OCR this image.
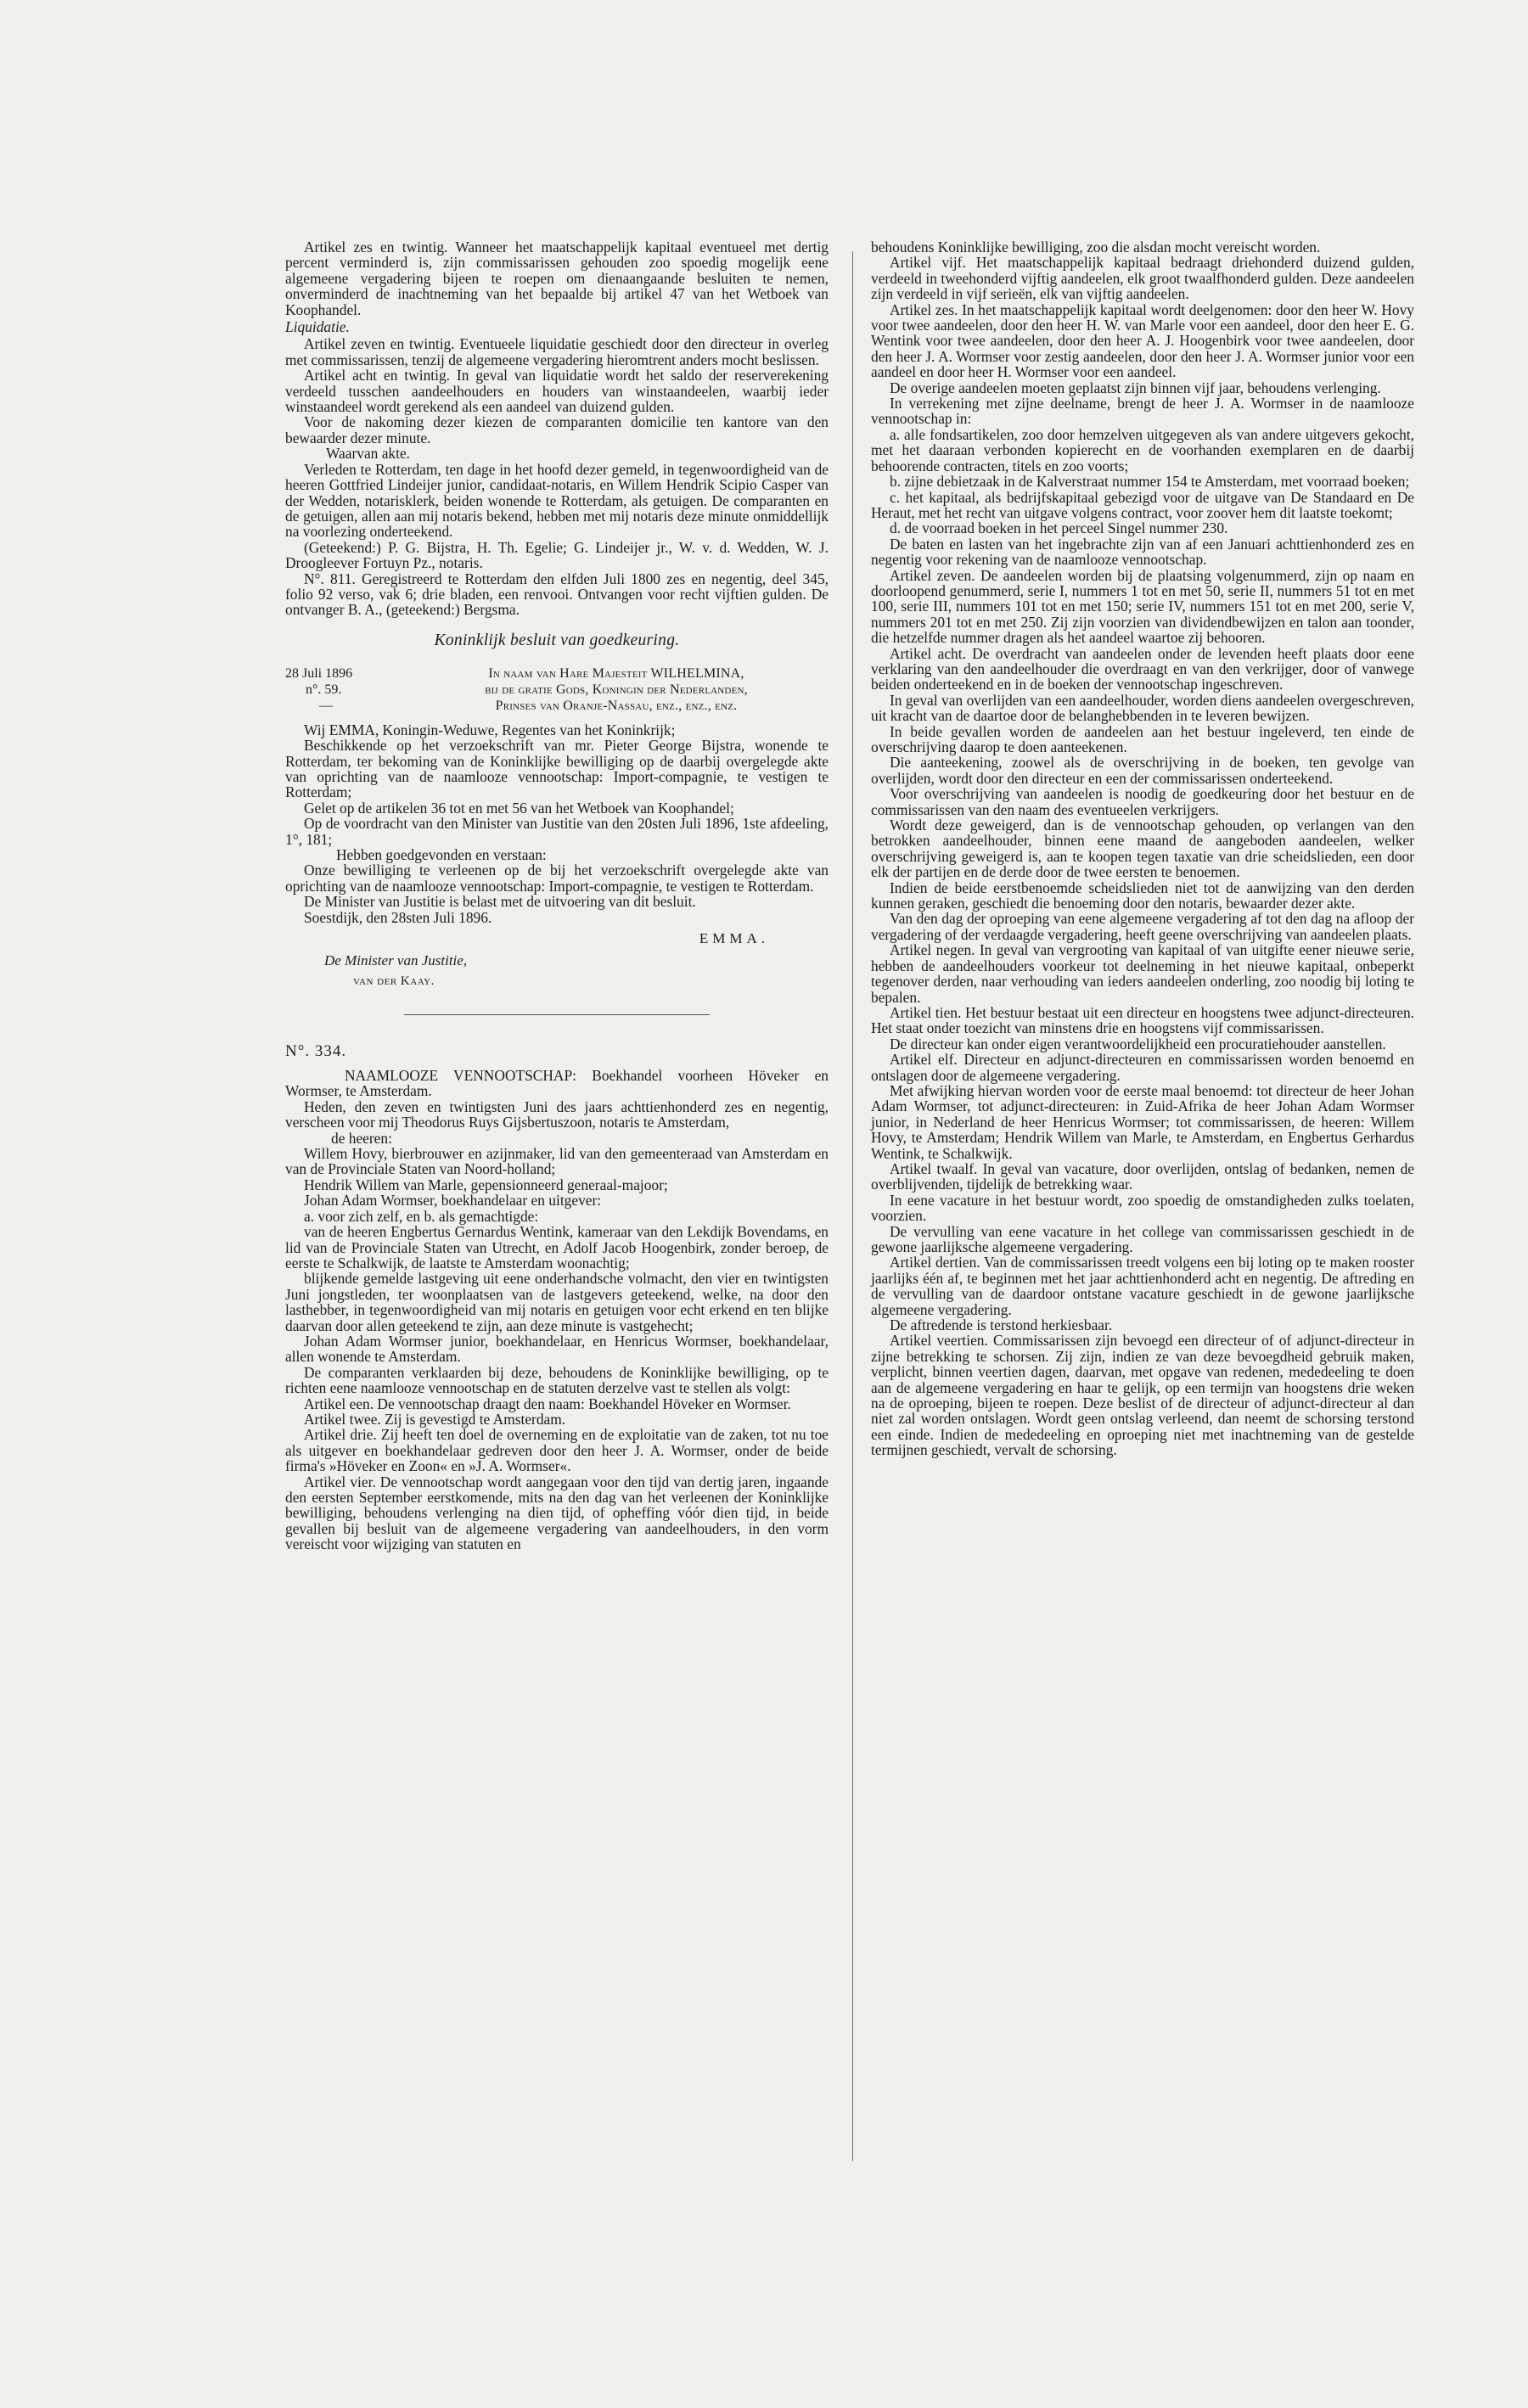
Artikel zes en twintig. Wanneer het maatschappelijk kapitaal eventueel met dertig percent verminderd is, zijn commissarissen gehouden zoo spoedig mogelijk eene algemeene vergadering bijeen te roepen om dienaangaande besluiten te nemen, onverminderd de inachtneming van het bepaalde bij artikel 47 van het Wetboek van Koophandel.

Liquidatie.

Artikel zeven en twintig. Eventueele liquidatie geschiedt door den directeur in overleg met commissarissen, tenzij de algemeene vergadering hieromtrent anders mocht beslissen.

Artikel acht en twintig. In geval van liquidatie wordt het saldo der reserverekening verdeeld tusschen aandeelhouders en houders van winstaandeelen, waarbij ieder winstaandeel wordt gerekend als een aandeel van duizend gulden.

Voor de nakoming dezer kiezen de comparanten domicilie ten kantore van den bewaarder dezer minute.

Waarvan akte.

Verleden te Rotterdam, ten dage in het hoofd dezer gemeld, in tegenwoordigheid van de heeren Gottfried Lindeijer junior, candidaat-notaris, en Willem Hendrik Scipio Casper van der Wedden, notarisklerk, beiden wonende te Rotterdam, als getuigen. De comparanten en de getuigen, allen aan mij notaris bekend, hebben met mij notaris deze minute onmiddellijk na voorlezing onderteekend.

(Geteekend:) P. G. Bijstra, H. Th. Egelie; G. Lindeijer jr., W. v. d. Wedden, W. J. Droogleever Fortuyn Pz., notaris.

N°. 811. Geregistreerd te Rotterdam den elfden Juli 1800 zes en negentig, deel 345, folio 92 verso, vak 6; drie bladen, een renvooi. Ontvangen voor recht vijftien gulden. De ontvanger B. A., (geteekend:) Bergsma.

Koninklijk besluit van goedkeuring.
28 Juli 1896
n°. 59.
—
In naam van Hare Majesteit WILHELMINA,
bij de gratie Gods, Koningin der Nederlanden,
Prinses van Oranje-Nassau, enz., enz., enz.

Wij EMMA, Koningin-Weduwe, Regentes van het Koninkrijk;

Beschikkende op het verzoekschrift van mr. Pieter George Bijstra, wonende te Rotterdam, ter bekoming van de Koninklijke bewilliging op de daarbij overgelegde akte van oprichting van de naamlooze vennootschap: Import-compagnie, te vestigen te Rotterdam;

Gelet op de artikelen 36 tot en met 56 van het Wetboek van Koophandel;

Op de voordracht van den Minister van Justitie van den 20sten Juli 1896, 1ste afdeeling, 1°, 181;

Hebben goedgevonden en verstaan:

Onze bewilliging te verleenen op de bij het verzoekschrift overgelegde akte van oprichting van de naamlooze vennootschap: Import-compagnie, te vestigen te Rotterdam.

De Minister van Justitie is belast met de uitvoering van dit besluit.

Soestdijk, den 28sten Juli 1896.

EMMA.
De Minister van Justitie,
van der Kaay.
N°. 334.

NAAMLOOZE VENNOOTSCHAP: Boekhandel voorheen Höveker en Wormser, te Amsterdam.

Heden, den zeven en twintigsten Juni des jaars achttienhonderd zes en negentig, verscheen voor mij Theodorus Ruys Gijsbertuszoon, notaris te Amsterdam,

de heeren:

Willem Hovy, bierbrouwer en azijnmaker, lid van den gemeenteraad van Amsterdam en van de Provinciale Staten van Noord-holland;

Hendrik Willem van Marle, gepensionneerd generaal-majoor;

Johan Adam Wormser, boekhandelaar en uitgever:

a. voor zich zelf, en b. als gemachtigde:

van de heeren Engbertus Gernardus Wentink, kameraar van den Lekdijk Bovendams, en lid van de Provinciale Staten van Utrecht, en Adolf Jacob Hoogenbirk, zonder beroep, de eerste te Schalkwijk, de laatste te Amsterdam woonachtig;

blijkende gemelde lastgeving uit eene onderhandsche volmacht, den vier en twintigsten Juni jongstleden, ter woonplaatsen van de lastgevers geteekend, welke, na door den lasthebber, in tegenwoordigheid van mij notaris en getuigen voor echt erkend en ten blijke daarvan door allen geteekend te zijn, aan deze minute is vastgehecht;

Johan Adam Wormser junior, boekhandelaar, en Henricus Wormser, boekhandelaar, allen wonende te Amsterdam.

De comparanten verklaarden bij deze, behoudens de Koninklijke bewilliging, op te richten eene naamlooze vennootschap en de statuten derzelve vast te stellen als volgt:

Artikel een. De vennootschap draagt den naam: Boekhandel Höveker en Wormser.

Artikel twee. Zij is gevestigd te Amsterdam.

Artikel drie. Zij heeft ten doel de overneming en de exploitatie van de zaken, tot nu toe als uitgever en boekhandelaar gedreven door den heer J. A. Wormser, onder de beide firma's »Höveker en Zoon« en »J. A. Wormser«.

Artikel vier. De vennootschap wordt aangegaan voor den tijd van dertig jaren, ingaande den eersten September eerstkomende, mits na den dag van het verleenen der Koninklijke bewilliging, behoudens verlenging na dien tijd, of opheffing vóór dien tijd, in beide gevallen bij besluit van de algemeene vergadering van aandeelhouders, in den vorm vereischt voor wijziging van statuten en

behoudens Koninklijke bewilliging, zoo die alsdan mocht vereischt worden.

Artikel vijf. Het maatschappelijk kapitaal bedraagt driehonderd duizend gulden, verdeeld in tweehonderd vijftig aandeelen, elk groot twaalfhonderd gulden. Deze aandeelen zijn verdeeld in vijf serieën, elk van vijftig aandeelen.

Artikel zes. In het maatschappelijk kapitaal wordt deelgenomen: door den heer W. Hovy voor twee aandeelen, door den heer H. W. van Marle voor een aandeel, door den heer E. G. Wentink voor twee aandeelen, door den heer A. J. Hoogenbirk voor twee aandeelen, door den heer J. A. Wormser voor zestig aandeelen, door den heer J. A. Wormser junior voor een aandeel en door heer H. Wormser voor een aandeel.

De overige aandeelen moeten geplaatst zijn binnen vijf jaar, behoudens verlenging.

In verrekening met zijne deelname, brengt de heer J. A. Wormser in de naamlooze vennootschap in:

a. alle fondsartikelen, zoo door hemzelven uitgegeven als van andere uitgevers gekocht, met het daaraan verbonden kopierecht en de voorhanden exemplaren en de daarbij behoorende contracten, titels en zoo voorts;

b. zijne debietzaak in de Kalverstraat nummer 154 te Amsterdam, met voorraad boeken;

c. het kapitaal, als bedrijfskapitaal gebezigd voor de uitgave van De Standaard en De Heraut, met het recht van uitgave volgens contract, voor zoover hem dit laatste toekomt;

d. de voorraad boeken in het perceel Singel nummer 230.

De baten en lasten van het ingebrachte zijn van af een Januari achttienhonderd zes en negentig voor rekening van de naamlooze vennootschap.

Artikel zeven. De aandeelen worden bij de plaatsing volgenummerd, zijn op naam en doorloopend genummerd, serie I, nummers 1 tot en met 50, serie II, nummers 51 tot en met 100, serie III, nummers 101 tot en met 150; serie IV, nummers 151 tot en met 200, serie V, nummers 201 tot en met 250. Zij zijn voorzien van dividendbewijzen en talon aan toonder, die hetzelfde nummer dragen als het aandeel waartoe zij behooren.

Artikel acht. De overdracht van aandeelen onder de levenden heeft plaats door eene verklaring van den aandeelhouder die overdraagt en van den verkrijger, door of vanwege beiden onderteekend en in de boeken der vennootschap ingeschreven.

In geval van overlijden van een aandeelhouder, worden diens aandeelen overgeschreven, uit kracht van de daartoe door de belanghebbenden in te leveren bewijzen.

In beide gevallen worden de aandeelen aan het bestuur ingeleverd, ten einde de overschrijving daarop te doen aanteekenen.

Die aanteekening, zoowel als de overschrijving in de boeken, ten gevolge van overlijden, wordt door den directeur en een der commissarissen onderteekend.

Voor overschrijving van aandeelen is noodig de goedkeuring door het bestuur en de commissarissen van den naam des eventueelen verkrijgers.

Wordt deze geweigerd, dan is de vennootschap gehouden, op verlangen van den betrokken aandeelhouder, binnen eene maand de aangeboden aandeelen, welker overschrijving geweigerd is, aan te koopen tegen taxatie van drie scheidslieden, een door elk der partijen en de derde door de twee eersten te benoemen.

Indien de beide eerstbenoemde scheidslieden niet tot de aanwijzing van den derden kunnen geraken, geschiedt die benoeming door den notaris, bewaarder dezer akte.

Van den dag der oproeping van eene algemeene vergadering af tot den dag na afloop der vergadering of der verdaagde vergadering, heeft geene overschrijving van aandeelen plaats.

Artikel negen. In geval van vergrooting van kapitaal of van uitgifte eener nieuwe serie, hebben de aandeelhouders voorkeur tot deelneming in het nieuwe kapitaal, onbeperkt tegenover derden, naar verhouding van ieders aandeelen onderling, zoo noodig bij loting te bepalen.

Artikel tien. Het bestuur bestaat uit een directeur en hoogstens twee adjunct-directeuren. Het staat onder toezicht van minstens drie en hoogstens vijf commissarissen.

De directeur kan onder eigen verantwoordelijkheid een procuratiehouder aanstellen.

Artikel elf. Directeur en adjunct-directeuren en commissarissen worden benoemd en ontslagen door de algemeene vergadering.

Met afwijking hiervan worden voor de eerste maal benoemd: tot directeur de heer Johan Adam Wormser, tot adjunct-directeuren: in Zuid-Afrika de heer Johan Adam Wormser junior, in Nederland de heer Henricus Wormser; tot commissarissen, de heeren: Willem Hovy, te Amsterdam; Hendrik Willem van Marle, te Amsterdam, en Engbertus Gerhardus Wentink, te Schalkwijk.

Artikel twaalf. In geval van vacature, door overlijden, ontslag of bedanken, nemen de overblijvenden, tijdelijk de betrekking waar.

In eene vacature in het bestuur wordt, zoo spoedig de omstandigheden zulks toelaten, voorzien.

De vervulling van eene vacature in het college van commissarissen geschiedt in de gewone jaarlijksche algemeene vergadering.

Artikel dertien. Van de commissarissen treedt volgens een bij loting op te maken rooster jaarlijks één af, te beginnen met het jaar achttienhonderd acht en negentig. De aftreding en de vervulling van de daardoor ontstane vacature geschiedt in de gewone jaarlijksche algemeene vergadering.

De aftredende is terstond herkiesbaar.

Artikel veertien. Commissarissen zijn bevoegd een directeur of of adjunct-directeur in zijne betrekking te schorsen. Zij zijn, indien ze van deze bevoegdheid gebruik maken, verplicht, binnen veertien dagen, daarvan, met opgave van redenen, mededeeling te doen aan de algemeene vergadering en haar te gelijk, op een termijn van hoogstens drie weken na de oproeping, bijeen te roepen. Deze beslist of de directeur of adjunct-directeur al dan niet zal worden ontslagen. Wordt geen ontslag verleend, dan neemt de schorsing terstond een einde. Indien de mededeeling en oproeping niet met inachtneming van de gestelde termijnen geschiedt, vervalt de schorsing.
